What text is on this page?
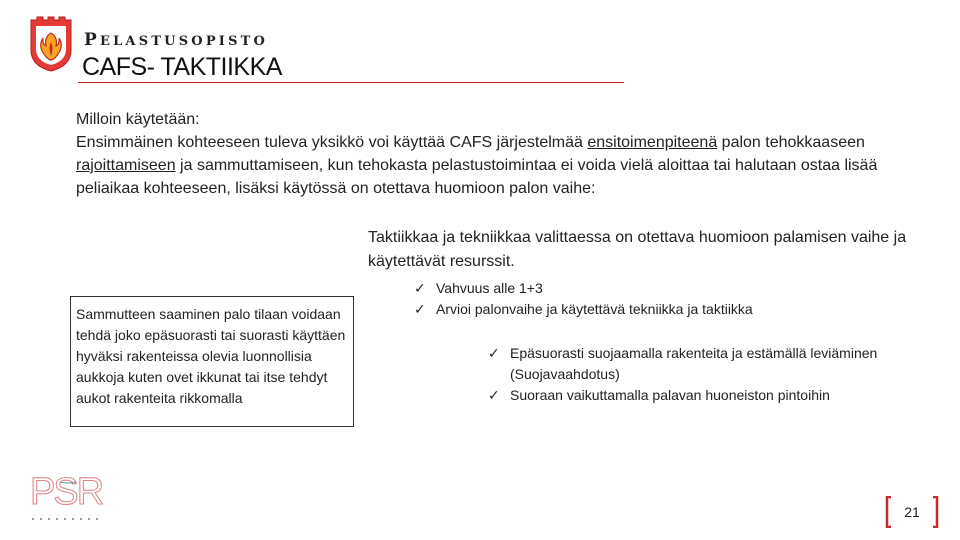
PELASTUSOPISTO
CAFS- TAKTIIKKA

Milloin käytetään:

Ensimmäinen kohteeseen tuleva yksikkö voi käyttää CAFS järjestelmää ensitoimenpiteenä palon tehokkaaseen rajoittamiseen ja sammuttamiseen, kun tehokasta pelastustoimintaa ei voida vielä aloittaa tai halutaan ostaa lisää peliaikaa kohteeseen, lisäksi käytössä on otettava huomioon palon vaihe:

Taktiikkaa ja tekniikkaa valittaessa on otettava huomioon palamisen vaihe ja käytettävät resurssit.
Sammutteen saaminen palo tilaan voidaan tehdä joko epäsuorasti tai suorasti käyttäen hyväksi rakenteissa olevia luonnollisia aukkoja kuten ovet ikkunat tai itse tehdyt aukot rakenteita rikkomalla
✓ Vahvuus alle 1+3
✓ Arvioi palonvaihe ja käytettävä tekniikka ja taktiikka
✓ Epäsuorasti suojaamalla rakenteita ja estämällä leviäminen (Suojavaahdotus)
✓ Suoraan vaikuttamalla palavan huoneiston pintoihin
PSR	21
